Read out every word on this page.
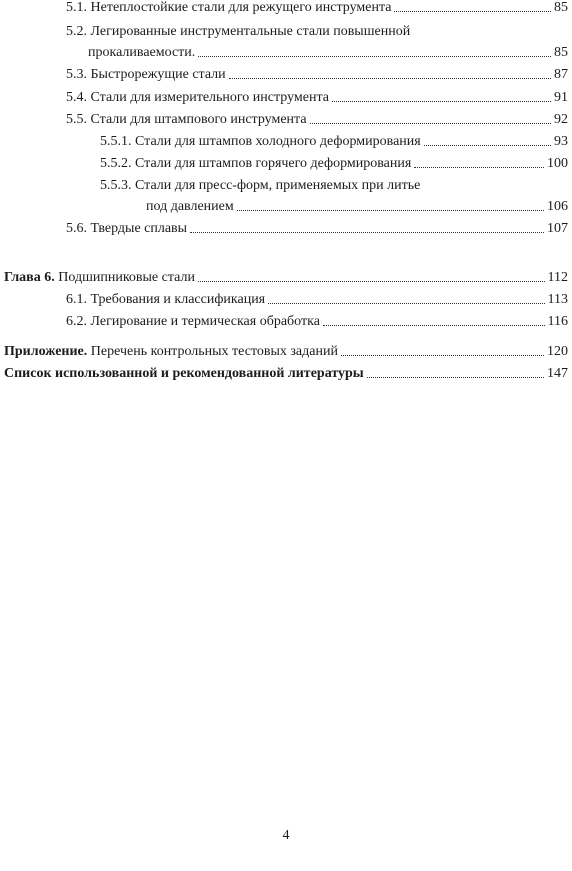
5.1. Нетеплостойкие стали для режущего инструмента	85
5.2. Легированные инструментальные стали повышенной
прокаливаемости.	85
5.3. Быстрорежущие стали	87
5.4. Стали для измерительного инструмента	91
5.5. Стали для штампового инструмента	92
5.5.1. Стали для штампов холодного деформирования	93
5.5.2. Стали для штампов горячего деформирования	100
5.5.3. Стали для пресс-форм, применяемых при литье
под давлением	106
5.6. Твердые сплавы	107
Глава 6. Подшипниковые стали	112
6.1. Требования и классификация	113
6.2. Легирование и термическая обработка	116
Приложение. Перечень контрольных тестовых заданий	120
Список использованной и рекомендованной литературы	147
4
